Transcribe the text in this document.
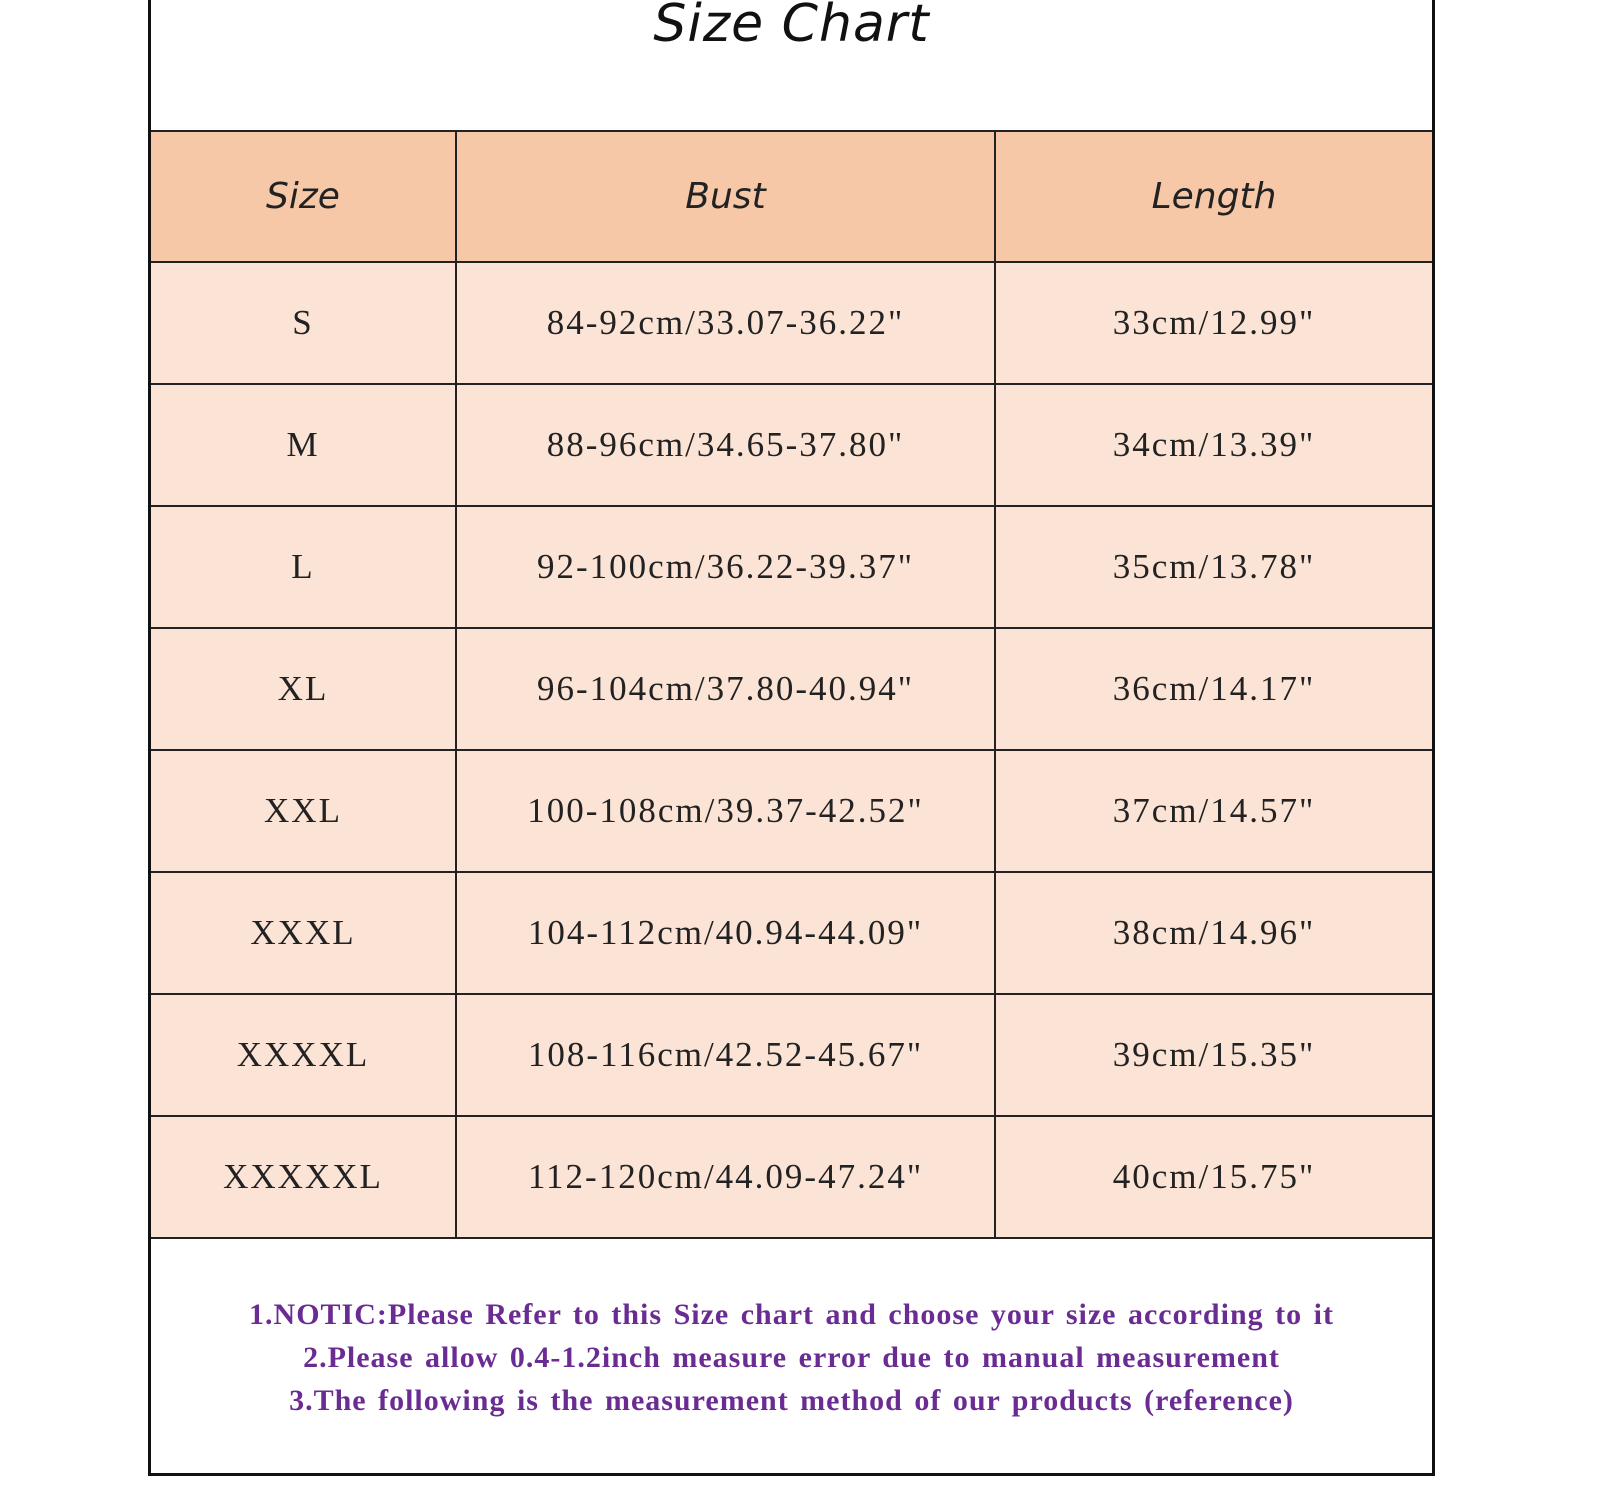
Size Chart
Size	Bust	Length
S	84-92cm/33.07-36.22"	33cm/12.99"
M	88-96cm/34.65-37.80"	34cm/13.39"
L	92-100cm/36.22-39.37"	35cm/13.78"
XL	96-104cm/37.80-40.94"	36cm/14.17"
XXL	100-108cm/39.37-42.52"	37cm/14.57"
XXXL	104-112cm/40.94-44.09"	38cm/14.96"
XXXXL	108-116cm/42.52-45.67"	39cm/15.35"
XXXXXL	112-120cm/44.09-47.24"	40cm/15.75"
1.NOTIC:Please Refer to this Size chart and choose your size according to it
2.Please allow 0.4-1.2inch measure error due to manual measurement
3.The following is the measurement method of our products (reference)
